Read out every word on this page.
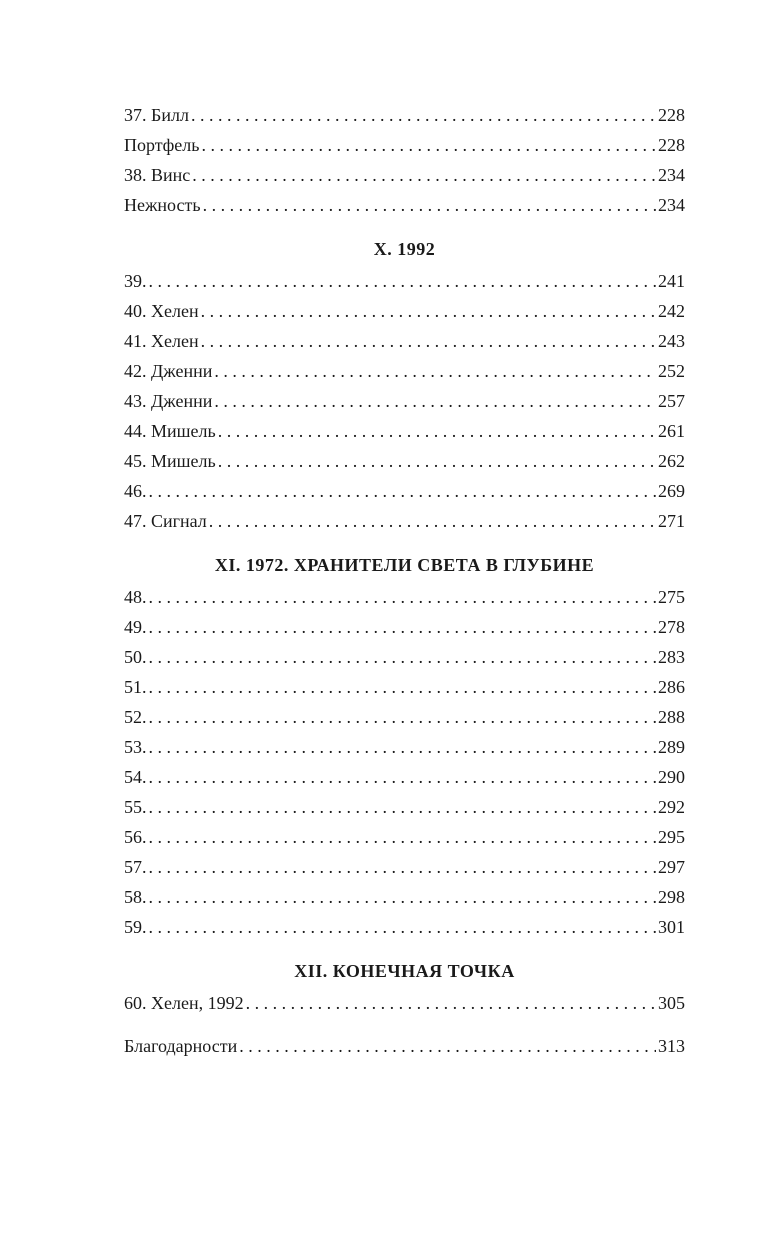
37. Билл . . .	228
Портфель . . .	228
38. Винс . . .	234
Нежность . . .	234
X. 1992
39. . . .	241
40. Хелен . . .	242
41. Хелен . . .	243
42. Дженни . . .	252
43. Дженни . . .	257
44. Мишель . . .	261
45. Мишель . . .	262
46. . . .	269
47. Сигнал . . .	271
XI. 1972. ХРАНИТЕЛИ СВЕТА В ГЛУБИНЕ
48. . . .	275
49. . . .	278
50. . . .	283
51. . . .	286
52. . . .	288
53. . . .	289
54. . . .	290
55. . . .	292
56. . . .	295
57. . . .	297
58. . . .	298
59. . . .	301
XII. КОНЕЧНАЯ ТОЧКА
60. Хелен, 1992 . . .	305
Благодарности . . .	313
